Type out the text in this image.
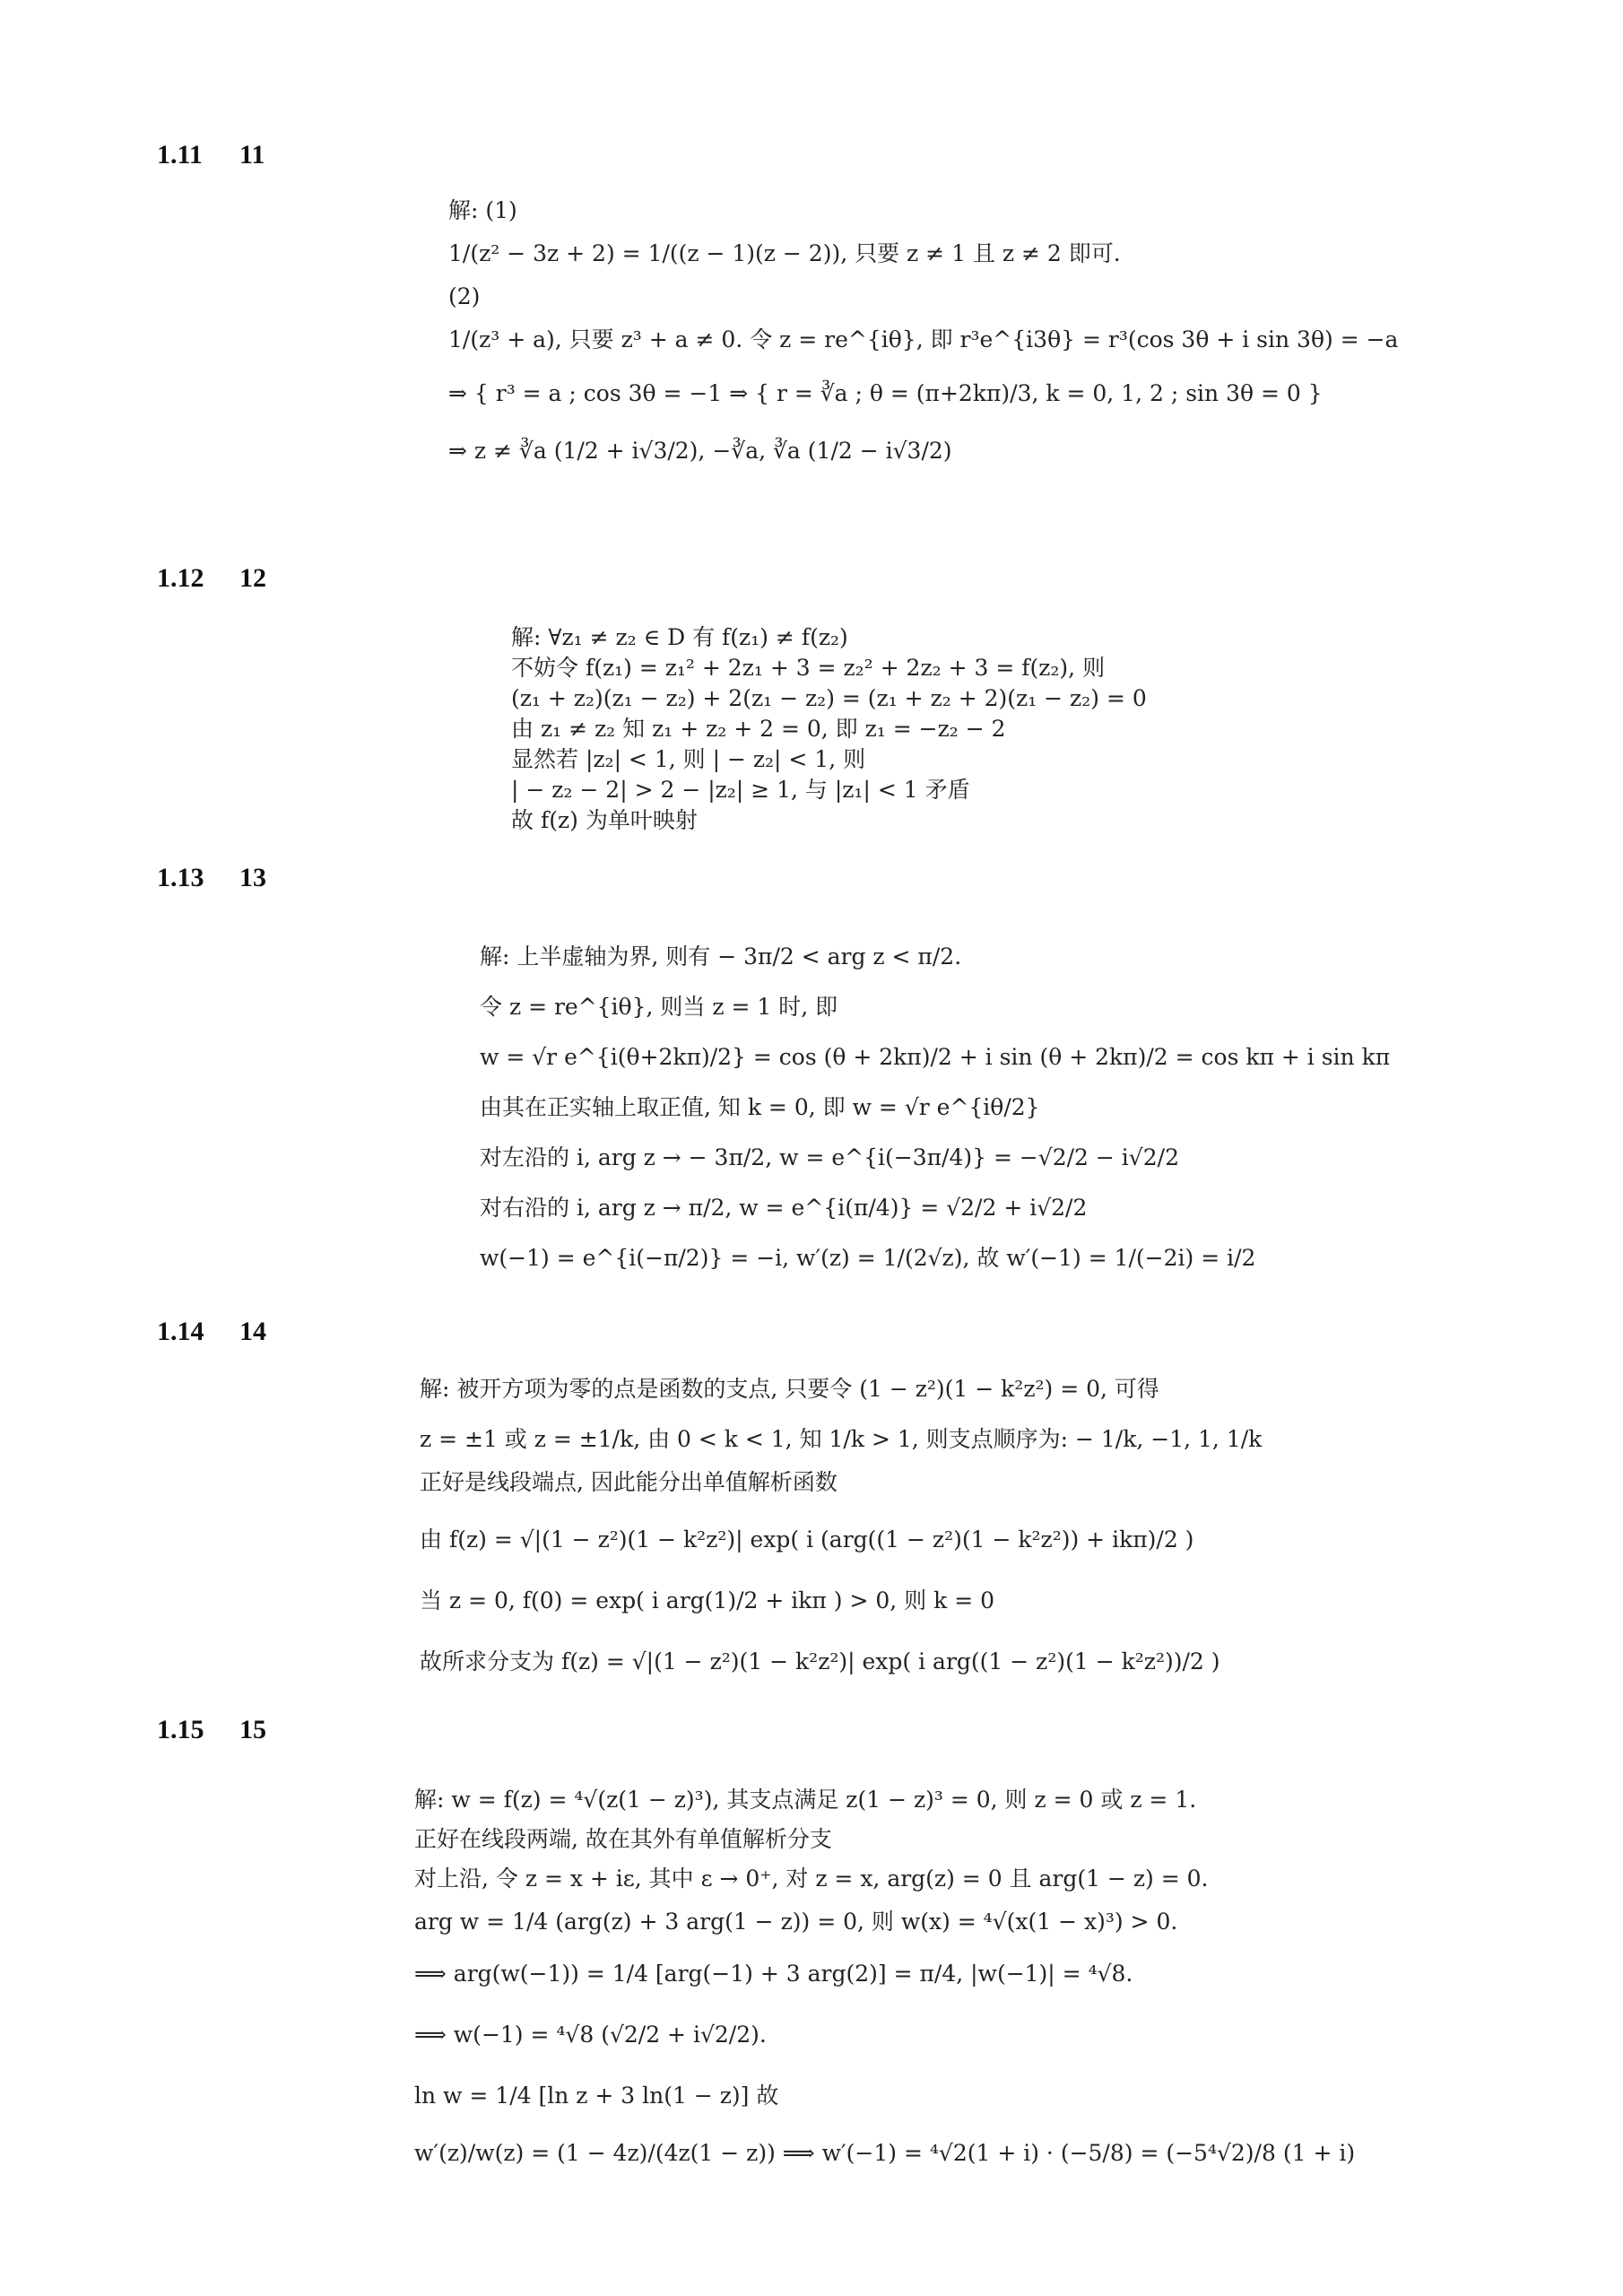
1.11 11
解: (1)
1/(z² − 3z + 2) = 1/((z − 1)(z − 2)), 只要 z ≠ 1 且 z ≠ 2 即可.
(2)
1/(z³ + a), 只要 z³ + a ≠ 0. 令 z = re^{iθ}, 即 r³e^{i3θ} = r³(cos 3θ + i sin 3θ) = −a
⇒ { r³ = a ; cos 3θ = −1 ⇒ { r = ∛a ; θ = (π+2kπ)/3, k = 0, 1, 2 ; sin 3θ = 0 }
⇒ z ≠ ∛a (1/2 + i√3/2), −∛a, ∛a (1/2 − i√3/2)
1.12 12
解: ∀z₁ ≠ z₂ ∈ D 有 f(z₁) ≠ f(z₂)
不妨令 f(z₁) = z₁² + 2z₁ + 3 = z₂² + 2z₂ + 3 = f(z₂), 则
(z₁ + z₂)(z₁ − z₂) + 2(z₁ − z₂) = (z₁ + z₂ + 2)(z₁ − z₂) = 0
由 z₁ ≠ z₂ 知 z₁ + z₂ + 2 = 0, 即 z₁ = −z₂ − 2
显然若 |z₂| < 1, 则 | − z₂| < 1, 则
| − z₂ − 2| > 2 − |z₂| ≥ 1, 与 |z₁| < 1 矛盾
故 f(z) 为单叶映射
1.13 13
解: 上半虚轴为界, 则有 − 3π/2 < arg z < π/2.
令 z = re^{iθ}, 则当 z = 1 时, 即
w = √r e^{i(θ+2kπ)/2} = cos (θ + 2kπ)/2 + i sin (θ + 2kπ)/2 = cos kπ + i sin kπ
由其在正实轴上取正值, 知 k = 0, 即 w = √r e^{iθ/2}
对左沿的 i, arg z → − 3π/2, w = e^{i(−3π/4)} = −√2/2 − i√2/2
对右沿的 i, arg z → π/2, w = e^{i(π/4)} = √2/2 + i√2/2
w(−1) = e^{i(−π/2)} = −i, w′(z) = 1/(2√z), 故 w′(−1) = 1/(−2i) = i/2
1.14 14
解: 被开方项为零的点是函数的支点, 只要令 (1 − z²)(1 − k²z²) = 0, 可得
z = ±1 或 z = ±1/k, 由 0 < k < 1, 知 1/k > 1, 则支点顺序为: − 1/k, −1, 1, 1/k
正好是线段端点, 因此能分出单值解析函数
由 f(z) = √|(1 − z²)(1 − k²z²)| exp( i (arg((1 − z²)(1 − k²z²)) + ikπ)/2 )
当 z = 0, f(0) = exp( i arg(1)/2 + ikπ ) > 0, 则 k = 0
故所求分支为 f(z) = √|(1 − z²)(1 − k²z²)| exp( i arg((1 − z²)(1 − k²z²))/2 )
1.15 15
解: w = f(z) = ⁴√(z(1 − z)³), 其支点满足 z(1 − z)³ = 0, 则 z = 0 或 z = 1.
正好在线段两端, 故在其外有单值解析分支
对上沿, 令 z = x + iε, 其中 ε → 0⁺, 对 z = x, arg(z) = 0 且 arg(1 − z) = 0.
arg w = 1/4 (arg(z) + 3 arg(1 − z)) = 0, 则 w(x) = ⁴√(x(1 − x)³) > 0.
⟹ arg(w(−1)) = 1/4 [arg(−1) + 3 arg(2)] = π/4, |w(−1)| = ⁴√8.
⟹ w(−1) = ⁴√8 (√2/2 + i√2/2).
ln w = 1/4 [ln z + 3 ln(1 − z)] 故
w′(z)/w(z) = (1 − 4z)/(4z(1 − z)) ⟹ w′(−1) = ⁴√2(1 + i) · (−5/8) = (−5⁴√2)/8 (1 + i)
